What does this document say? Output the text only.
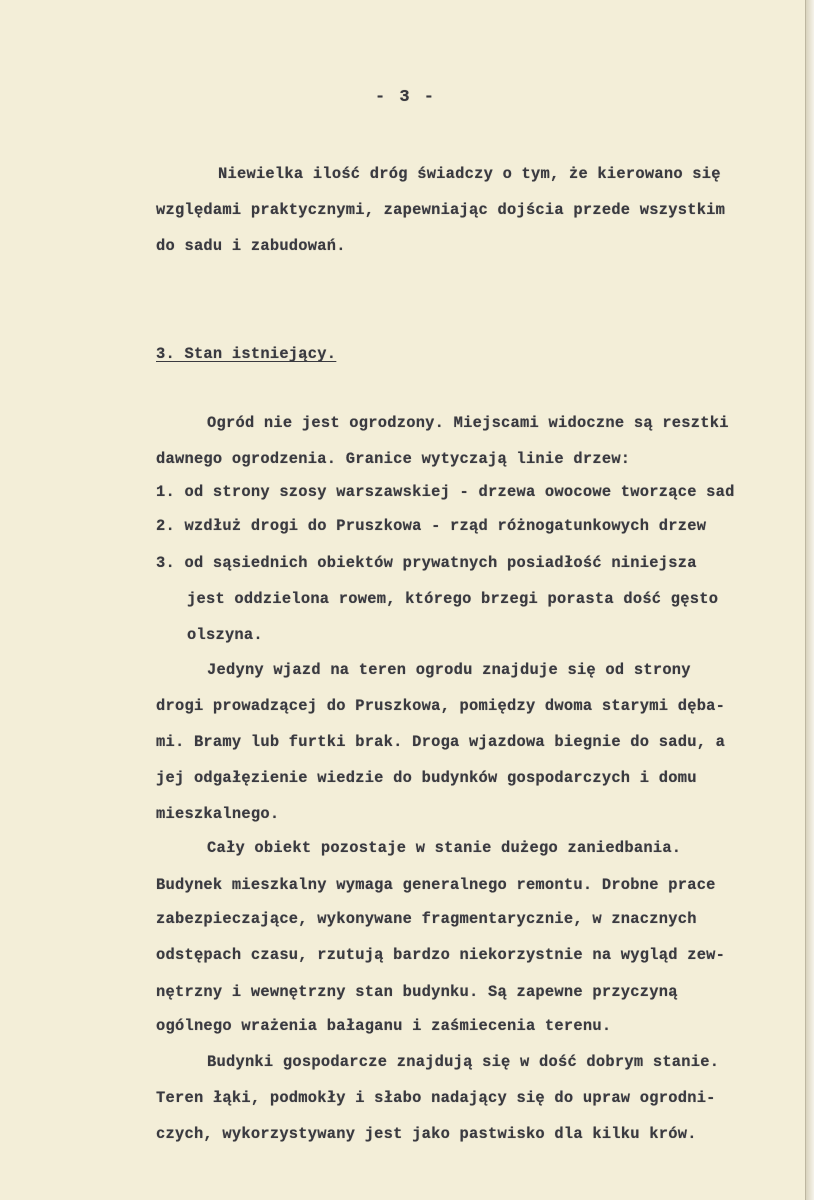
- 3 -
Niewielka ilość dróg świadczy o tym, że kierowano się
względami praktycznymi, zapewniając dojścia przede wszystkim
do sadu i zabudowań.
3. Stan istniejący.
Ogród nie jest ogrodzony. Miejscami widoczne są resztki
dawnego ogrodzenia. Granice wytyczają linie drzew:
1. od strony szosy warszawskiej - drzewa owocowe tworzące sad
2. wzdłuż drogi do Pruszkowa - rząd różnogatunkowych drzew
3. od sąsiednich obiektów prywatnych posiadłość niniejsza
jest oddzielona rowem, którego brzegi porasta dość gęsto
olszyna.
Jedyny wjazd na teren ogrodu znajduje się od strony
drogi prowadzącej do Pruszkowa, pomiędzy dwoma starymi dęba-
mi. Bramy lub furtki brak. Droga wjazdowa biegnie do sadu, a
jej odgałęzienie wiedzie do budynków gospodarczych i domu
mieszkalnego.
Cały obiekt pozostaje w stanie dużego zaniedbania.
Budynek mieszkalny wymaga generalnego remontu. Drobne prace
zabezpieczające, wykonywane fragmentarycznie, w znacznych
odstępach czasu, rzutują bardzo niekorzystnie na wygląd zew-
nętrzny i wewnętrzny stan budynku. Są zapewne przyczyną
ogólnego wrażenia bałaganu i zaśmiecenia terenu.
Budynki gospodarcze znajdują się w dość dobrym stanie.
Teren łąki, podmokły i słabo nadający się do upraw ogrodni-
czych, wykorzystywany jest jako pastwisko dla kilku krów.
